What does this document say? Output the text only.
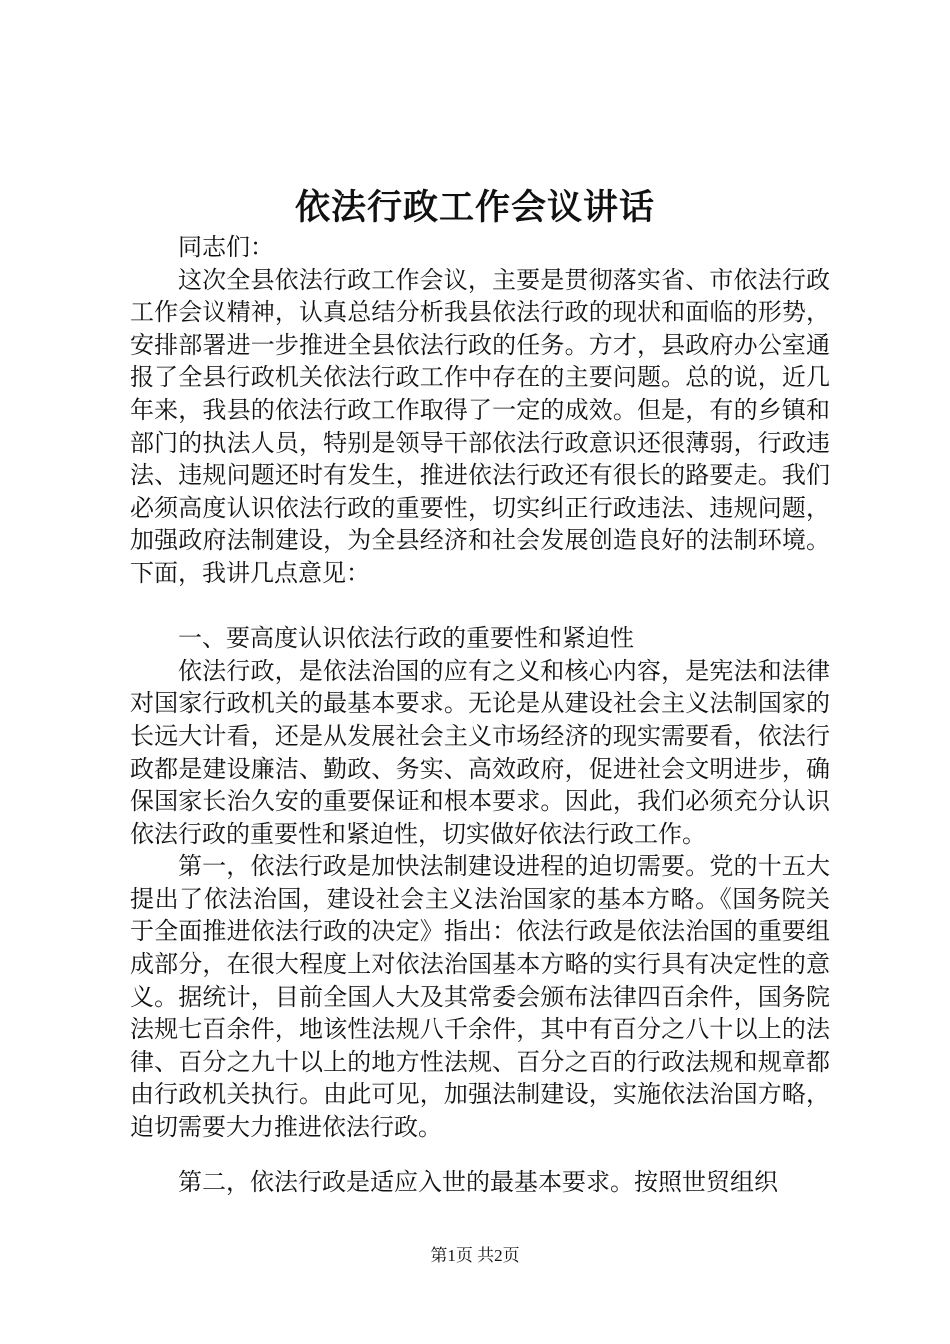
依法行政工作会议讲话

同志们：

这次全县依法行政工作会议，主要是贯彻落实省、市依法行政工作会议精神，认真总结分析我县依法行政的现状和面临的形势，安排部署进一步推进全县依法行政的任务。方才，县政府办公室通报了全县行政机关依法行政工作中存在的主要问题。总的说，近几年来，我县的依法行政工作取得了一定的成效。但是，有的乡镇和部门的执法人员，特别是领导干部依法行政意识还很薄弱，行政违法、违规问题还时有发生，推进依法行政还有很长的路要走。我们必须高度认识依法行政的重要性，切实纠正行政违法、违规问题，加强政府法制建设，为全县经济和社会发展创造良好的法制环境。下面，我讲几点意见：

一、要高度认识依法行政的重要性和紧迫性

依法行政，是依法治国的应有之义和核心内容，是宪法和法律对国家行政机关的最基本要求。无论是从建设社会主义法制国家的长远大计看，还是从发展社会主义市场经济的现实需要看，依法行政都是建设廉洁、勤政、务实、高效政府，促进社会文明进步，确保国家长治久安的重要保证和根本要求。因此，我们必须充分认识依法行政的重要性和紧迫性，切实做好依法行政工作。

第一，依法行政是加快法制建设进程的迫切需要。党的十五大提出了依法治国，建设社会主义法治国家的基本方略。《国务院关于全面推进依法行政的决定》指出：依法行政是依法治国的重要组成部分，在很大程度上对依法治国基本方略的实行具有决定性的意义。据统计，目前全国人大及其常委会颁布法律四百余件，国务院法规七百余件，地该性法规八千余件，其中有百分之八十以上的法律、百分之九十以上的地方性法规、百分之百的行政法规和规章都由行政机关执行。由此可见，加强法制建设，实施依法治国方略，迫切需要大力推进依法行政。

第二，依法行政是适应入世的最基本要求。按照世贸组织

第1页 共2页
